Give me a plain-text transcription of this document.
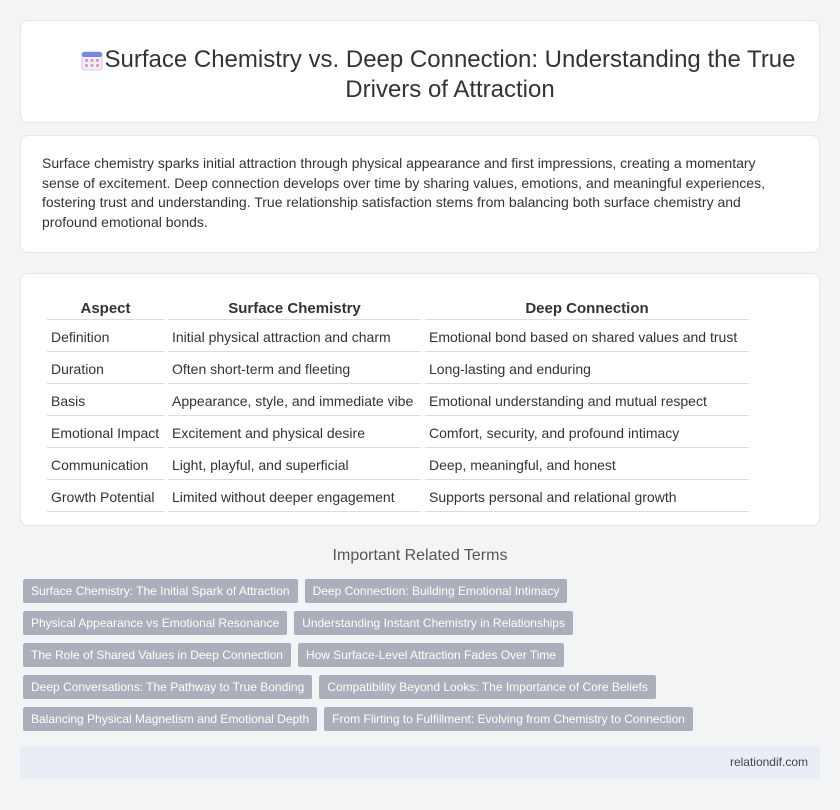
Surface Chemistry vs. Deep Connection: Understanding the True Drivers of Attraction

Surface chemistry sparks initial attraction through physical appearance and first impressions, creating a momentary sense of excitement. Deep connection develops over time by sharing values, emotions, and meaningful experiences, fostering trust and understanding. True relationship satisfaction stems from balancing both surface chemistry and profound emotional bonds.

Aspect	Surface Chemistry	Deep Connection
Definition	Initial physical attraction and charm	Emotional bond based on shared values and trust
Duration	Often short-term and fleeting	Long-lasting and enduring
Basis	Appearance, style, and immediate vibe	Emotional understanding and mutual respect
Emotional Impact	Excitement and physical desire	Comfort, security, and profound intimacy
Communication	Light, playful, and superficial	Deep, meaningful, and honest
Growth Potential	Limited without deeper engagement	Supports personal and relational growth
Important Related Terms
Surface Chemistry: The Initial Spark of Attraction	Deep Connection: Building Emotional Intimacy
Physical Appearance vs Emotional Resonance	Understanding Instant Chemistry in Relationships
The Role of Shared Values in Deep Connection	How Surface-Level Attraction Fades Over Time
Deep Conversations: The Pathway to True Bonding	Compatibility Beyond Looks: The Importance of Core Beliefs
Balancing Physical Magnetism and Emotional Depth	From Flirting to Fulfillment: Evolving from Chemistry to Connection
relationdif.com
